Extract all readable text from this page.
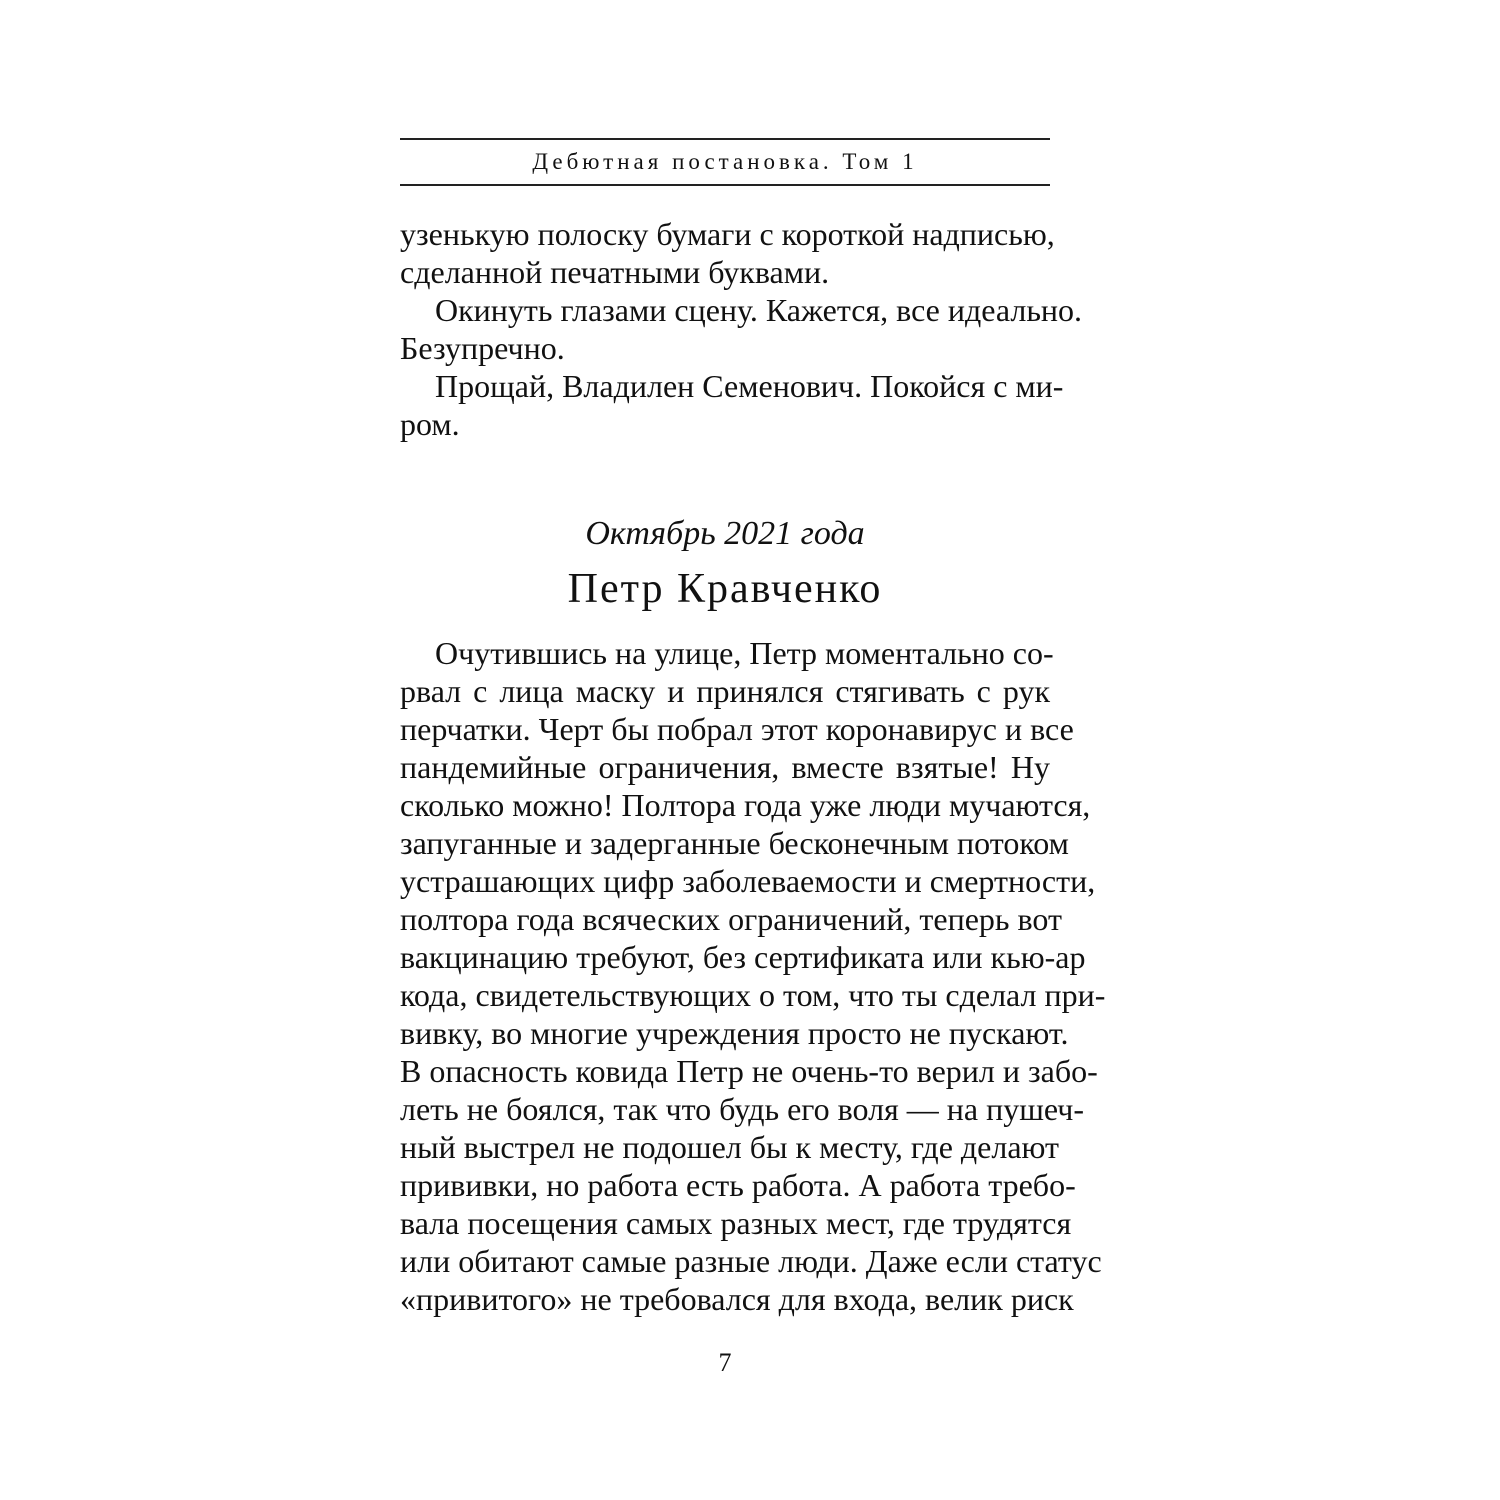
Дебютная постановка. Том 1
узенькую полоску бумаги с короткой надписью,
сделанной печатными буквами.
Окинуть глазами сцену. Кажется, все идеально.
Безупречно.
Прощай, Владилен Семенович. Покойся с ми-
ром.
Октябрь 2021 года
Петр Кравченко
Очутившись на улице, Петр моментально со-
рвал с лица маску и принялся стягивать с рук
перчатки. Черт бы побрал этот коронавирус и все
пандемийные ограничения, вместе взятые! Ну
сколько можно! Полтора года уже люди мучаются,
запуганные и задерганные бесконечным потоком
устрашающих цифр заболеваемости и смертности,
полтора года всяческих ограничений, теперь вот
вакцинацию требуют, без сертификата или кью-ар
кода, свидетельствующих о том, что ты сделал при-
вивку, во многие учреждения просто не пускают.
В опасность ковида Петр не очень-то верил и забо-
леть не боялся, так что будь его воля — на пушеч-
ный выстрел не подошел бы к месту, где делают
прививки, но работа есть работа. А работа требо-
вала посещения самых разных мест, где трудятся
или обитают самые разные люди. Даже если статус
«привитого» не требовался для входа, велик риск
7
